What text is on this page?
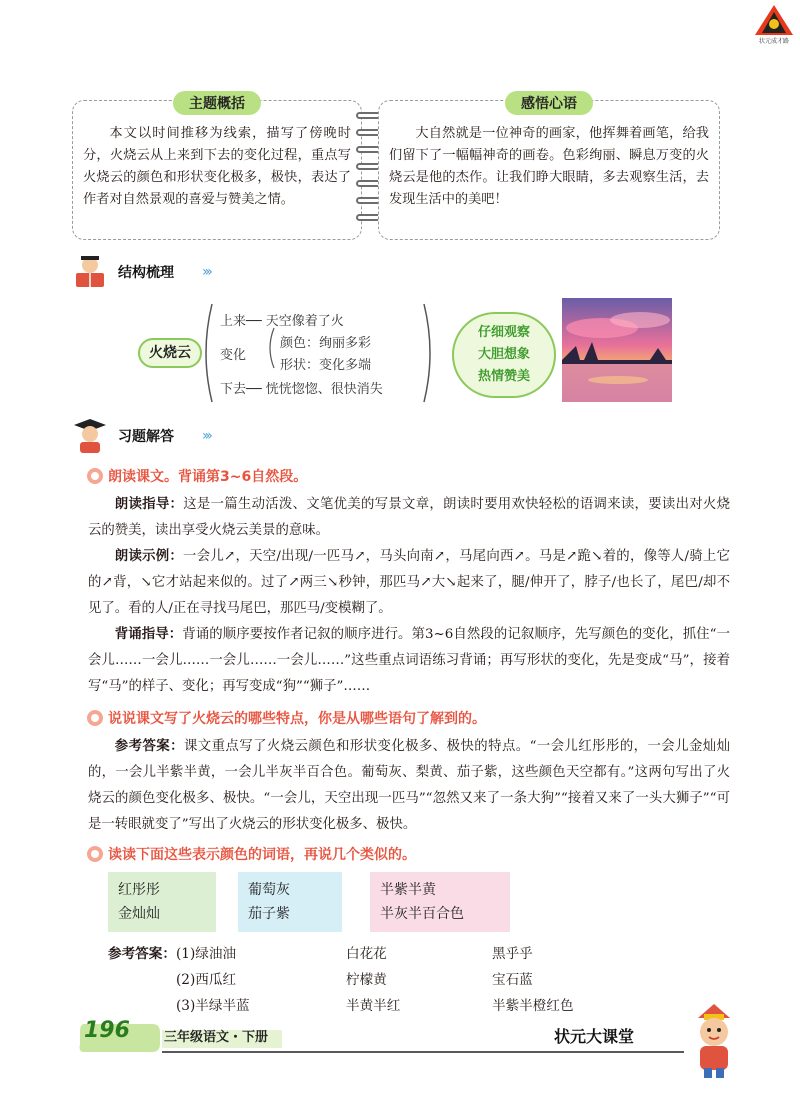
状元成才路
主题概括
本文以时间推移为线索，描写了傍晚时分，火烧云从上来到下去的变化过程，重点写火烧云的颜色和形状变化极多，极快，表达了作者对自然景观的喜爱与赞美之情。
感悟心语
大自然就是一位神奇的画家，他挥舞着画笔，给我们留下了一幅幅神奇的画卷。色彩绚丽、瞬息万变的火烧云是他的杰作。让我们睁大眼睛，多去观察生活，去发现生活中的美吧！
结构梳理 ›››
火烧云
上来── 天空像着了火
变化
颜色：绚丽多彩
形状：变化多端
下去── 恍恍惚惚、很快消失
仔细观察
大胆想象
热情赞美
习题解答 ›››
朗读课文。背诵第3~6自然段。
朗读指导：这是一篇生动活泼、文笔优美的写景文章，朗读时要用欢快轻松的语调来读，要读出对火烧云的赞美，读出享受火烧云美景的意味。
朗读示例：一会儿↗，天空/出现/一匹马↗，马头向南↗，马尾向西↗。马是↗跪↘着的，像等人/骑上它的↗背，↘它才站起来似的。过了↗两三↘秒钟，那匹马↗大↘起来了，腿/伸开了，脖子/也长了，尾巴/却不见了。看的人/正在寻找马尾巴，那匹马/变模糊了。
背诵指导：背诵的顺序要按作者记叙的顺序进行。第3~6自然段的记叙顺序，先写颜色的变化，抓住“一会儿……一会儿……一会儿……一会儿……”这些重点词语练习背诵；再写形状的变化，先是变成“马”，接着写“马”的样子、变化；再写变成“狗”“狮子”……
说说课文写了火烧云的哪些特点，你是从哪些语句了解到的。
参考答案：课文重点写了火烧云颜色和形状变化极多、极快的特点。“一会儿红彤彤的，一会儿金灿灿的，一会儿半紫半黄，一会儿半灰半百合色。葡萄灰、梨黄、茄子紫，这些颜色天空都有。”这两句写出了火烧云的颜色变化极多、极快。“一会儿，天空出现一匹马”“忽然又来了一条大狗”“接着又来了一头大狮子”“可是一转眼就变了”写出了火烧云的形状变化极多、极快。
读读下面这些表示颜色的词语，再说几个类似的。
红彤彤
金灿灿
葡萄灰
茄子紫
半紫半黄
半灰半百合色
参考答案： (1)绿油油	白花花	黑乎乎
(2)西瓜红	柠檬黄	宝石蓝
(3)半绿半蓝	半黄半红	半紫半橙红色
196	三年级语文・下册	状元大课堂
